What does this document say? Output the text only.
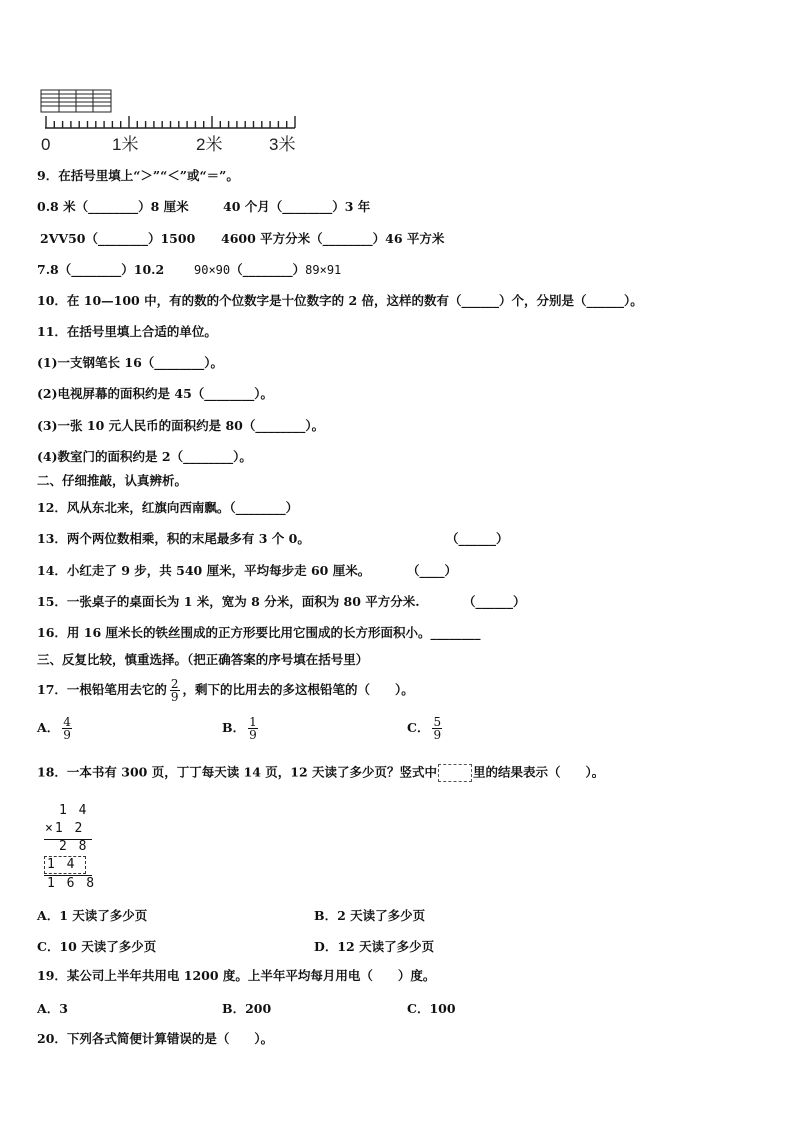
0	1米	2米	3米
9．在括号里填上“＞”“＜”或“＝”。
0.8 米（________）8 厘米	40 个月（________）3 年
2VV50（________）1500 4600 平方分米（________）46 平方米
7.8（________）10.2 90×90（________）89×91
10．在 10—100 中，有的数的个位数字是十位数字的 2 倍，这样的数有（______）个，分别是（______）。
11．在括号里填上合适的单位。
(1)一支钢笔长 16（________）。
(2)电视屏幕的面积约是 45（________）。
(3)一张 10 元人民币的面积约是 80（________）。
(4)教室门的面积约是 2（________）。
二、仔细推敲，认真辨析。
12．风从东北来，红旗向西南飘。（________）
13．两个两位数相乘，积的末尾最多有 3 个 0。	（______）
14．小红走了 9 步，共 540 厘米，平均每步走 60 厘米。	（____）
15．一张桌子的桌面长为 1 米，宽为 8 分米，面积为 80 平方分米.	（______）
16．用 16 厘米长的铁丝围成的正方形要比用它围成的长方形面积小。________
三、反复比较，慎重选择。（把正确答案的序号填在括号里）
17．一根铅笔用去它的 $\frac{2}{9}$ ，剩下的比用去的多这根铅笔的（　　）。
A． $\frac{4}{9}$	B． $\frac{1}{9}$	C． $\frac{5}{9}$
18．一本书有 300 页，丁丁每天读 14 页，12 天读了多少页？竖式中	里的结果表示（　　）。
1 4
×1 2
2 8
1 4
1 6 8
A．1 天读了多少页	B．2 天读了多少页
C．10 天读了多少页	D．12 天读了多少页
19．某公司上半年共用电 1200 度。上半年平均每月用电（　　）度。
A．3	B．200	C．100
20．下列各式简便计算错误的是（　　）。
